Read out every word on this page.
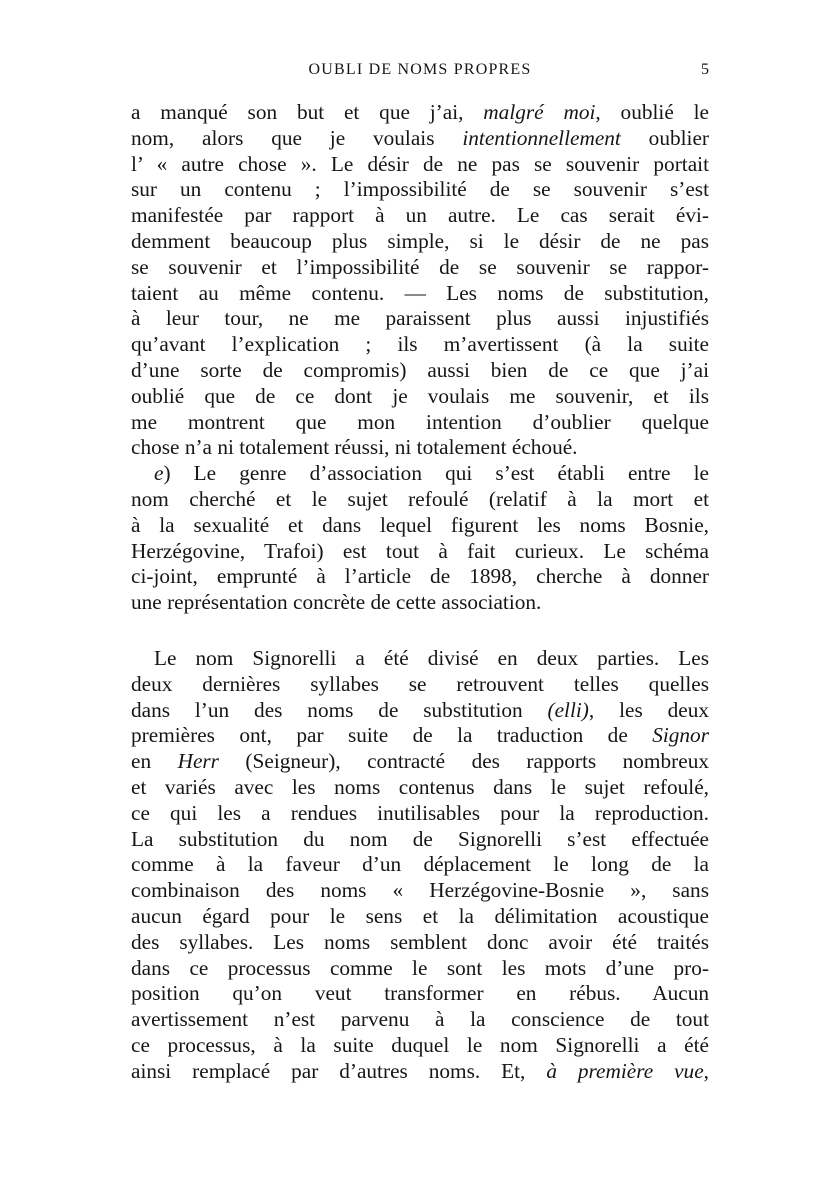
OUBLI DE NOMS PROPRES	5
a manqué son but et que j’ai, malgré moi, oublié le
nom, alors que je voulais intentionnellement oublier
l’ « autre chose ». Le désir de ne pas se souvenir portait
sur un contenu ; l’impossibilité de se souvenir s’est
manifestée par rapport à un autre. Le cas serait évi-
demment beaucoup plus simple, si le désir de ne pas
se souvenir et l’impossibilité de se souvenir se rappor-
taient au même contenu. — Les noms de substitution,
à leur tour, ne me paraissent plus aussi injustifiés
qu’avant l’explication ; ils m’avertissent (à la suite
d’une sorte de compromis) aussi bien de ce que j’ai
oublié que de ce dont je voulais me souvenir, et ils
me montrent que mon intention d’oublier quelque
chose n’a ni totalement réussi, ni totalement échoué.
e) Le genre d’association qui s’est établi entre le
nom cherché et le sujet refoulé (relatif à la mort et
à la sexualité et dans lequel figurent les noms Bosnie,
Herzégovine, Trafoi) est tout à fait curieux. Le schéma
ci-joint, emprunté à l’article de 1898, cherche à donner
une représentation concrète de cette association.
Le nom Signorelli a été divisé en deux parties. Les
deux dernières syllabes se retrouvent telles quelles
dans l’un des noms de substitution (elli), les deux
premières ont, par suite de la traduction de Signor
en Herr (Seigneur), contracté des rapports nombreux
et variés avec les noms contenus dans le sujet refoulé,
ce qui les a rendues inutilisables pour la reproduction.
La substitution du nom de Signorelli s’est effectuée
comme à la faveur d’un déplacement le long de la
combinaison des noms « Herzégovine-Bosnie », sans
aucun égard pour le sens et la délimitation acoustique
des syllabes. Les noms semblent donc avoir été traités
dans ce processus comme le sont les mots d’une pro-
position qu’on veut transformer en rébus. Aucun
avertissement n’est parvenu à la conscience de tout
ce processus, à la suite duquel le nom Signorelli a été
ainsi remplacé par d’autres noms. Et, à première vue,
